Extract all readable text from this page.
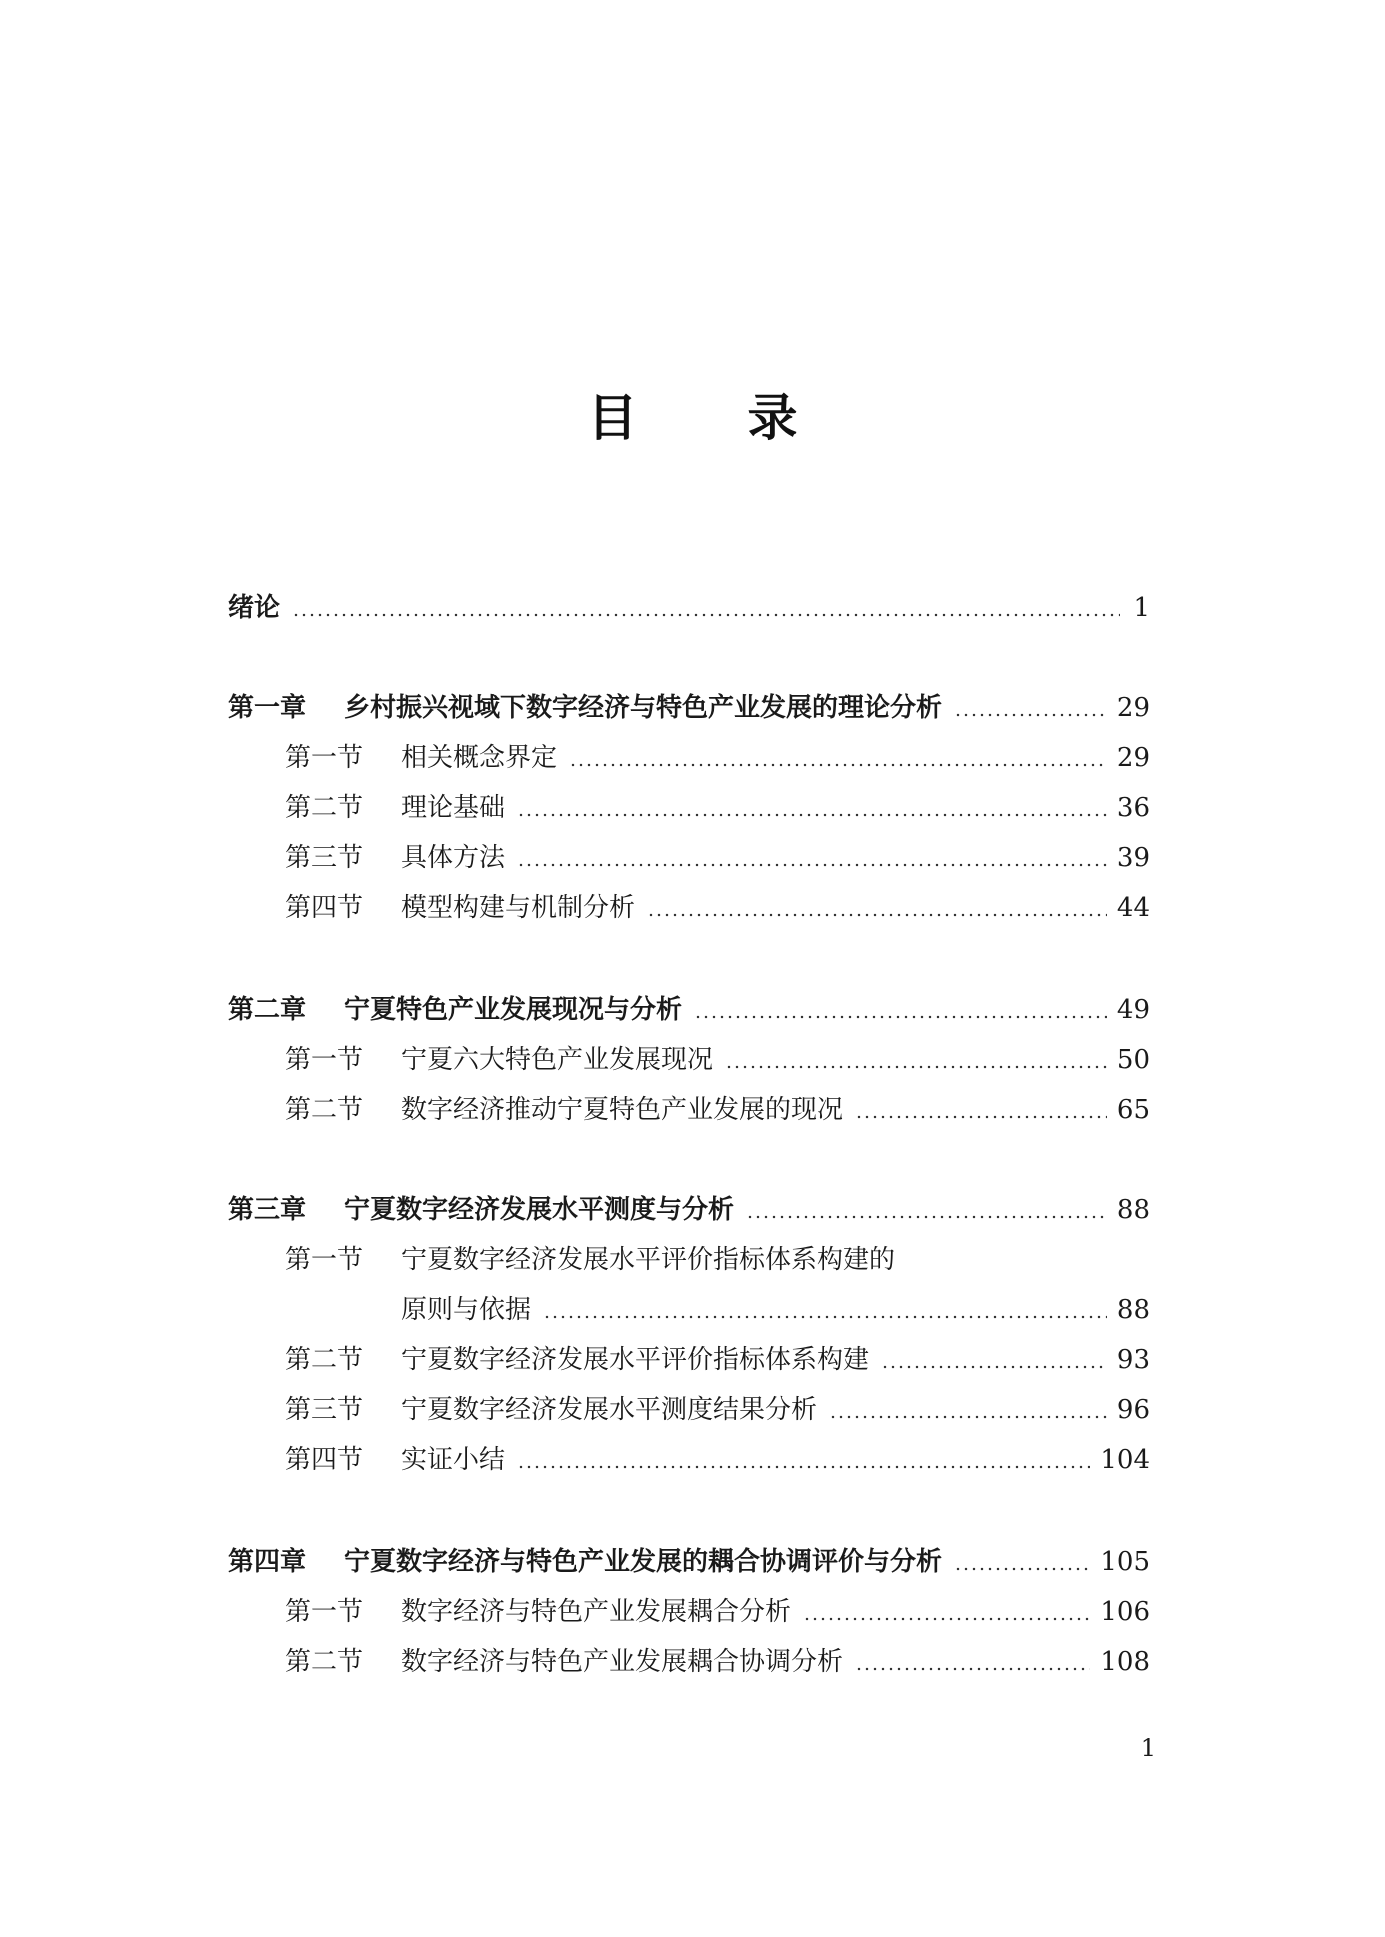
目 录
绪论	1
第一章	乡村振兴视域下数字经济与特色产业发展的理论分析	29
第一节	相关概念界定	29
第二节	理论基础	36
第三节	具体方法	39
第四节	模型构建与机制分析	44
第二章	宁夏特色产业发展现况与分析	49
第一节	宁夏六大特色产业发展现况	50
第二节	数字经济推动宁夏特色产业发展的现况	65
第三章	宁夏数字经济发展水平测度与分析	88
第一节	宁夏数字经济发展水平评价指标体系构建的
原则与依据	88
第二节	宁夏数字经济发展水平评价指标体系构建	93
第三节	宁夏数字经济发展水平测度结果分析	96
第四节	实证小结	104
第四章	宁夏数字经济与特色产业发展的耦合协调评价与分析	105
第一节	数字经济与特色产业发展耦合分析	106
第二节	数字经济与特色产业发展耦合协调分析	108
1
